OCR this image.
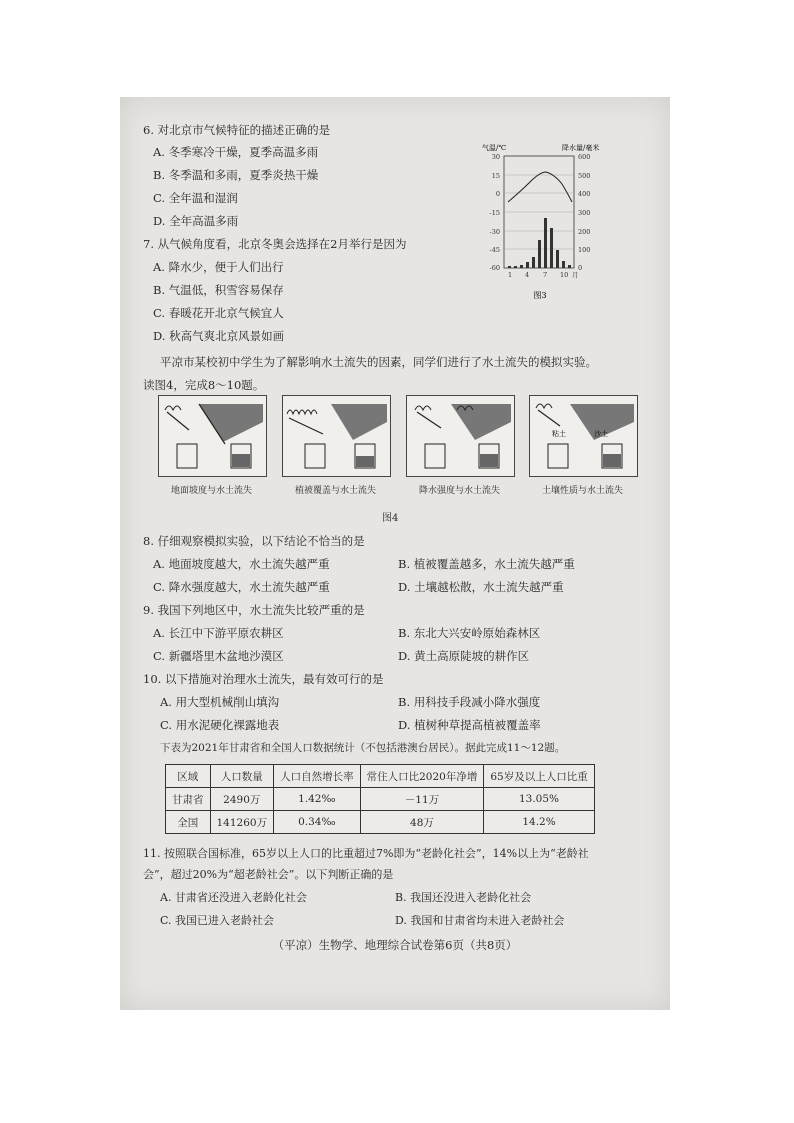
6. 对北京市气候特征的描述正确的是
A. 冬季寒冷干燥，夏季高温多雨
B. 冬季温和多雨，夏季炎热干燥
C. 全年温和湿润
D. 全年高温多雨
7. 从气候角度看，北京冬奥会选择在2月举行是因为
A. 降水少，便于人们出行
B. 气温低，积雪容易保存
C. 春暖花开北京气候宜人
D. 秋高气爽北京风景如画
气温/℃	降水量/毫米
30
15
0
-15
-30
-45
-60
600
500
400
300
200
100
0
1 4 7 10 月
图3
平凉市某校初中学生为了解影响水土流失的因素，同学们进行了水土流失的模拟实验。
读图4，完成8～10题。
地面坡度与水土流失	植被覆盖与水土流失	降水强度与水土流失
粘土	沙土
土壤性质与水土流失
图4
8. 仔细观察模拟实验，以下结论不恰当的是
A. 地面坡度越大，水土流失越严重	B. 植被覆盖越多，水土流失越严重
C. 降水强度越大，水土流失越严重	D. 土壤越松散，水土流失越严重
9. 我国下列地区中，水土流失比较严重的是
A. 长江中下游平原农耕区	B. 东北大兴安岭原始森林区
C. 新疆塔里木盆地沙漠区	D. 黄土高原陡坡的耕作区
10. 以下措施对治理水土流失，最有效可行的是
A. 用大型机械削山填沟	B. 用科技手段减小降水强度
C. 用水泥硬化裸露地表	D. 植树种草提高植被覆盖率
下表为2021年甘肃省和全国人口数据统计（不包括港澳台居民）。据此完成11～12题。
区域	人口数量	人口自然增长率	常住人口比2020年净增	65岁及以上人口比重
甘肃省	2490万	1.42‰	－11万	13.05%
全国	141260万	0.34‰	48万	14.2%
11. 按照联合国标准，65岁以上人口的比重超过7%即为“老龄化社会”，14%以上为“老龄社
会”，超过20%为“超老龄社会”。以下判断正确的是
A. 甘肃省还没进入老龄化社会	B. 我国还没进入老龄化社会
C. 我国已进入老龄社会	D. 我国和甘肃省均未进入老龄社会
（平凉）生物学、地理综合试卷第6页（共8页）
